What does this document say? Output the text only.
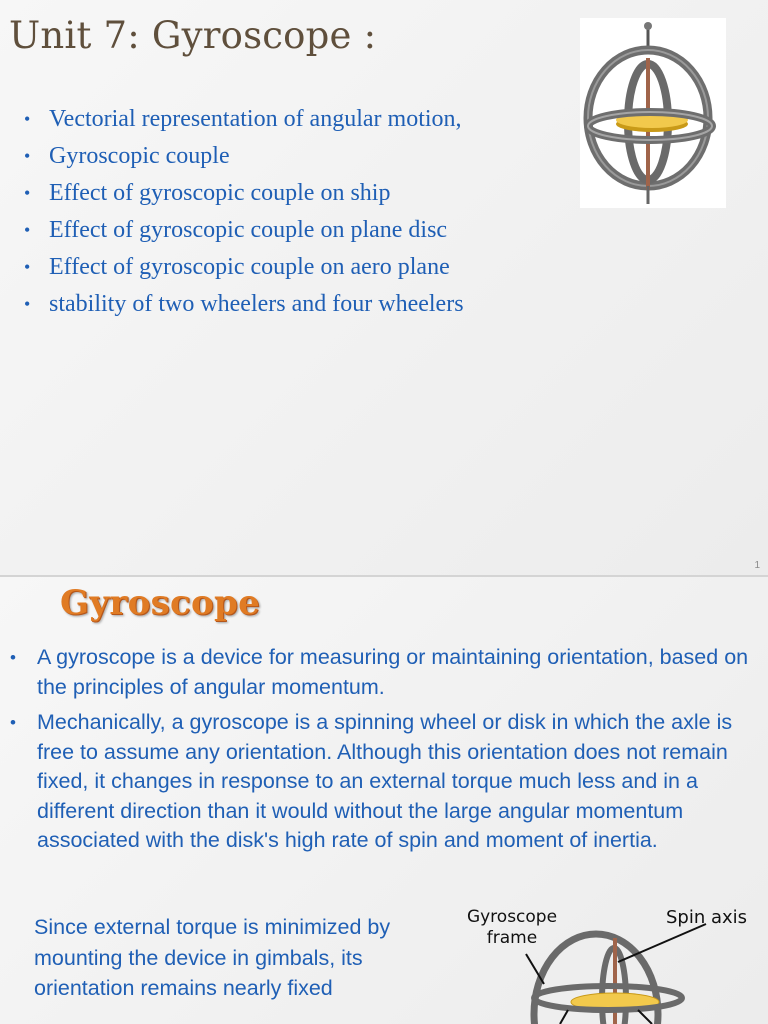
Unit 7: Gyroscope :
• Vectorial representation of angular motion,
• Gyroscopic couple
• Effect of gyroscopic couple on ship
• Effect of gyroscopic couple on plane disc
• Effect of gyroscopic couple on aero plane
• stability of two wheelers and four wheelers
1
Gyroscope
• A gyroscope is a device for measuring or maintaining orientation, based on the principles of angular momentum.
• Mechanically, a gyroscope is a spinning wheel or disk in which the axle is free to assume any orientation. Although this orientation does not remain fixed, it changes in response to an external torque much less and in a different direction than it would without the large angular momentum associated with the disk's high rate of spin and moment of inertia.
Since external torque is minimized by mounting the device in gimbals, its orientation remains nearly fixed
Gyroscope frame
Spin axis
